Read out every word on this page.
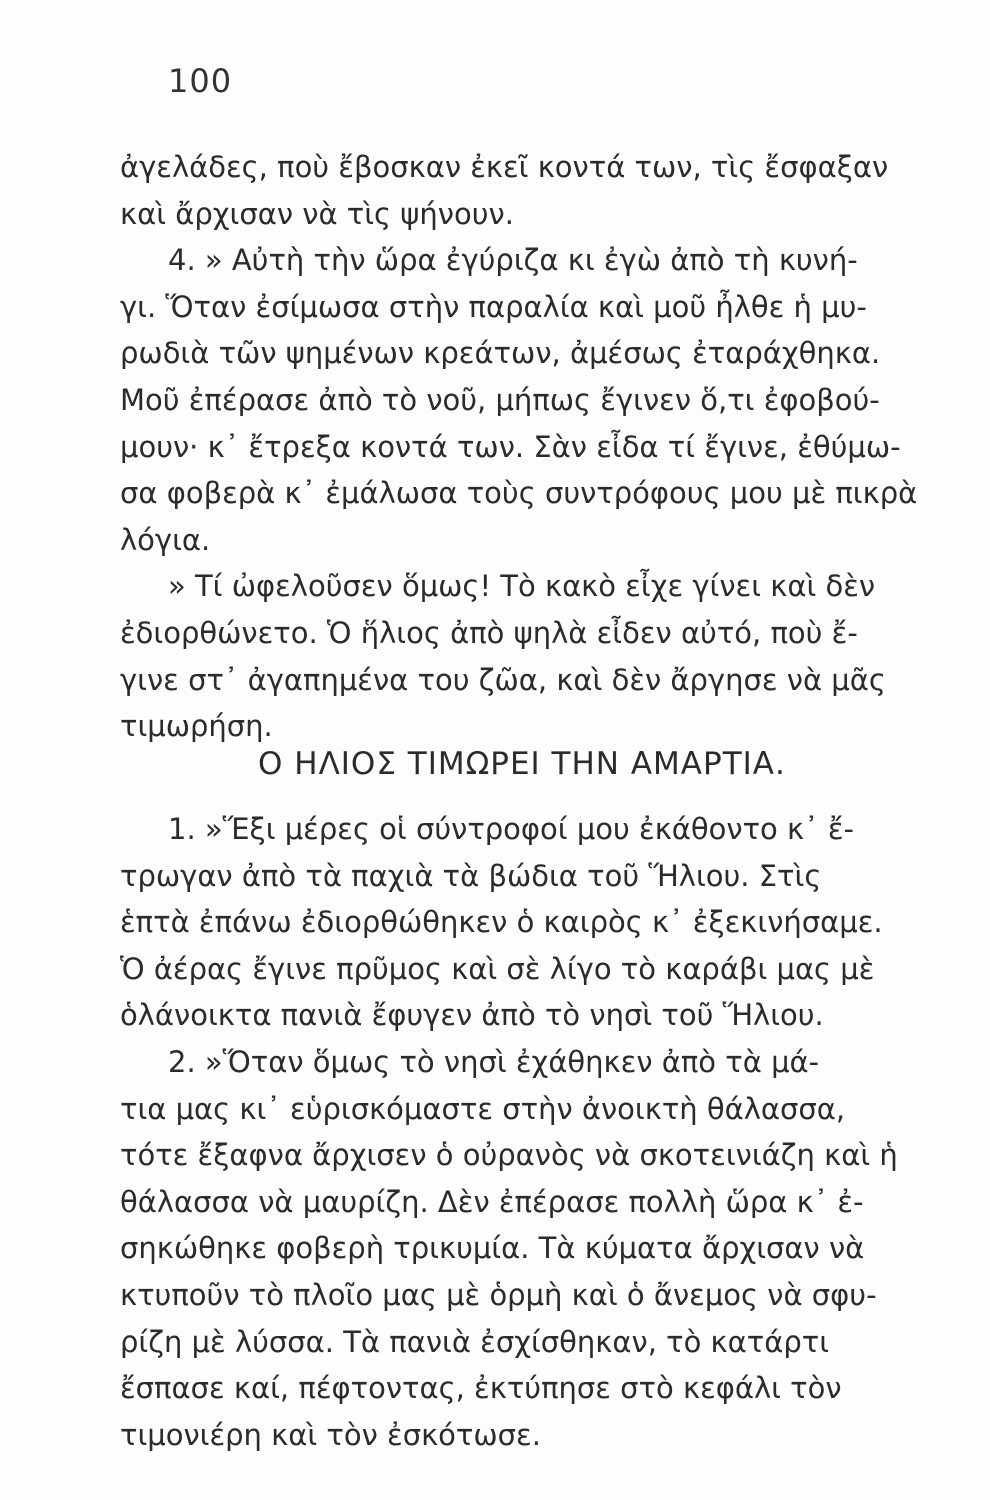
100
ἀγελάδες, ποὺ ἔβοσκαν ἐκεῖ κοντά των, τὶς ἔσφαξαν
καὶ ἄρχισαν νὰ τὶς ψήνουν.
4. » Αὐτὴ τὴν ὥρα ἐγύριζα κι ἐγὼ ἀπὸ τὴ κυνή-
γι. Ὅταν ἐσίμωσα στὴν παραλία καὶ μοῦ ἦλθε ἡ μυ-
ρωδιὰ τῶν ψημένων κρεάτων, ἀμέσως ἐταράχθηκα.
Μοῦ ἐπέρασε ἀπὸ τὸ νοῦ, μήπως ἔγινεν ὅ,τι ἐφοβού-
μουν· κ᾿ ἔτρεξα κοντά των. Σὰν εἶδα τί ἔγινε, ἐθύμω-
σα φοβερὰ κ᾿ ἐμάλωσα τοὺς συντρόφους μου μὲ πικρὰ
λόγια.
» Τί ὠφελοῦσεν ὅμως! Τὸ κακὸ εἶχε γίνει καὶ δὲν
ἐδιορθώνετο. Ὁ ἥλιος ἀπὸ ψηλὰ εἶδεν αὐτό, ποὺ ἔ-
γινε στ᾿ ἀγαπημένα του ζῶα, καὶ δὲν ἄργησε νὰ μᾶς
τιμωρήση.
Ο ΗΛΙΟΣ ΤΙΜΩΡΕΙ ΤΗΝ ΑΜΑΡΤΙΑ.
1. »Ἕξι μέρες οἱ σύντροφοί μου ἐκάθοντο κ᾿ ἔ-
τρωγαν ἀπὸ τὰ παχιὰ τὰ βώδια τοῦ Ἥλιου. Στὶς
ἑπτὰ ἐπάνω ἐδιορθώθηκεν ὁ καιρὸς κ᾿ ἐξεκινήσαμε.
Ὁ ἀέρας ἔγινε πρῦμος καὶ σὲ λίγο τὸ καράβι μας μὲ
ὁλάνοικτα πανιὰ ἔφυγεν ἀπὸ τὸ νησὶ τοῦ Ἥλιου.
2. »Ὅταν ὅμως τὸ νησὶ ἐχάθηκεν ἀπὸ τὰ μά-
τια μας κι᾿ εὑρισκόμαστε στὴν ἀνοικτὴ θάλασσα,
τότε ἔξαφνα ἄρχισεν ὁ οὐρανὸς νὰ σκοτεινιάζη καὶ ἡ
θάλασσα νὰ μαυρίζη. Δὲν ἐπέρασε πολλὴ ὥρα κ᾿ ἐ-
σηκώθηκε φοβερὴ τρικυμία. Τὰ κύματα ἄρχισαν νὰ
κτυποῦν τὸ πλοῖο μας μὲ ὁρμὴ καὶ ὁ ἄνεμος νὰ σφυ-
ρίζη μὲ λύσσα. Τὰ πανιὰ ἐσχίσθηκαν, τὸ κατάρτι
ἔσπασε καί, πέφτοντας, ἐκτύπησε στὸ κεφάλι τὸν
τιμονιέρη καὶ τὸν ἐσκότωσε.
